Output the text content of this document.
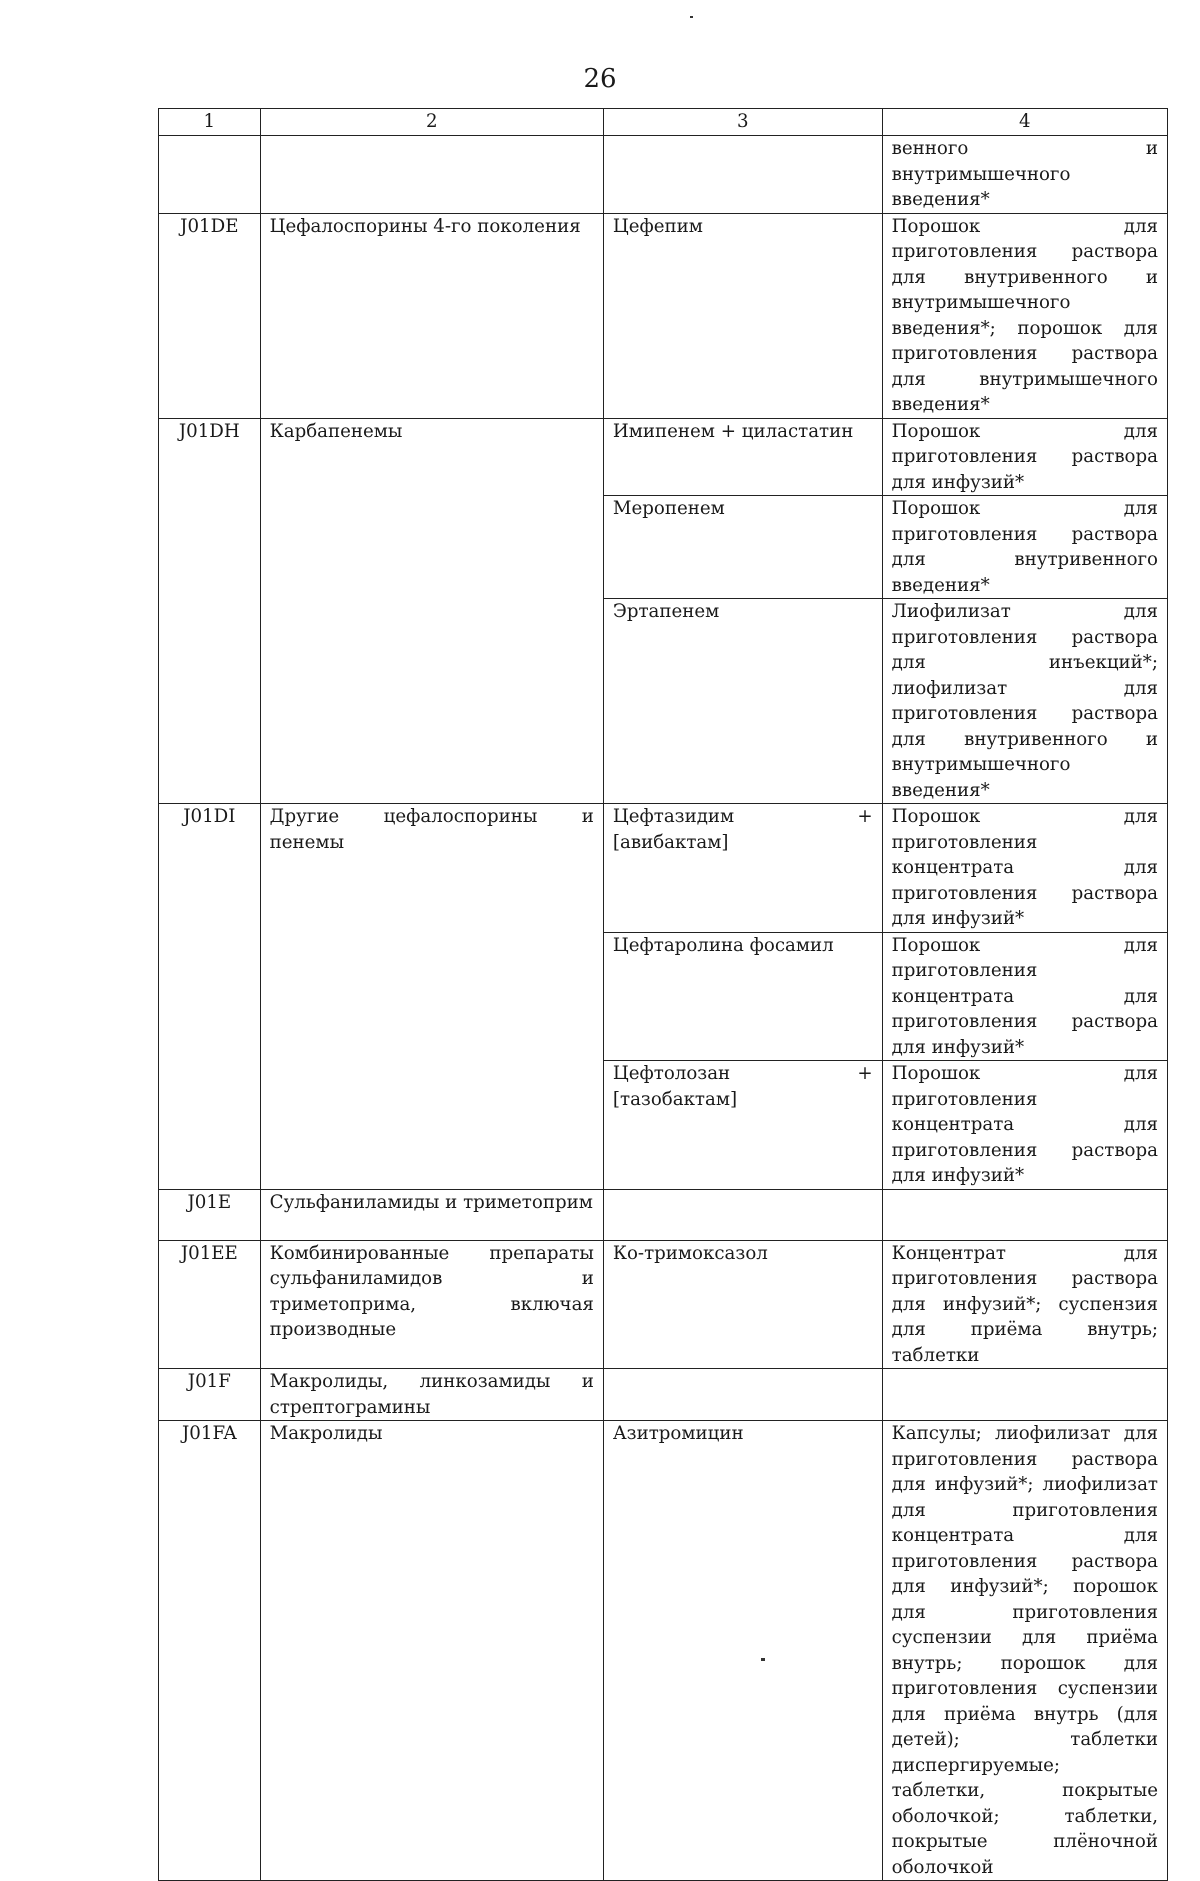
26
1	2	3	4
			венного и внутримышечного введения*
J01DE	Цефалоспорины 4-го поколения	Цефепим	Порошок для приготовления раствора для внутривенного и внутримышечного введения*; порошок для приготовления раствора для внутримышечного введения*
J01DH	Карбапенемы	Имипенем + циластатин	Порошок для приготовления раствора для инфузий*
		Меропенем	Порошок для приготовления раствора для внутривенного введения*
		Эртапенем	Лиофилизат для приготовления раствора для инъекций*; лиофилизат для приготовления раствора для внутривенного и внутримышечного введения*
J01DI	Другие цефалоспорины и пенемы	Цефтазидим + [авибактам]	Порошок для приготовления концентрата для приготовления раствора для инфузий*
		Цефтаролина фосамил	Порошок для приготовления концентрата для приготовления раствора для инфузий*
		Цефтолозан + [тазобактам]	Порошок для приготовления концентрата для приготовления раствора для инфузий*
J01E	Сульфаниламиды и триметоприм		
J01EE	Комбинированные препараты сульфаниламидов и триметоприма, включая производные	Ко-тримоксазол	Концентрат для приготовления раствора для инфузий*; суспензия для приёма внутрь; таблетки
J01F	Макролиды, линкозамиды и стрептограмины		
J01FA	Макролиды	Азитромицин	Капсулы; лиофилизат для приготовления раствора для инфузий*; лиофилизат для приготовления концентрата для приготовления раствора для инфузий*; порошок для приготовления суспензии для приёма внутрь; порошок для приготовления суспензии для приёма внутрь (для детей); таблетки диспергируемые; таблетки, покрытые оболочкой; таблетки, покрытые плёночной оболочкой
